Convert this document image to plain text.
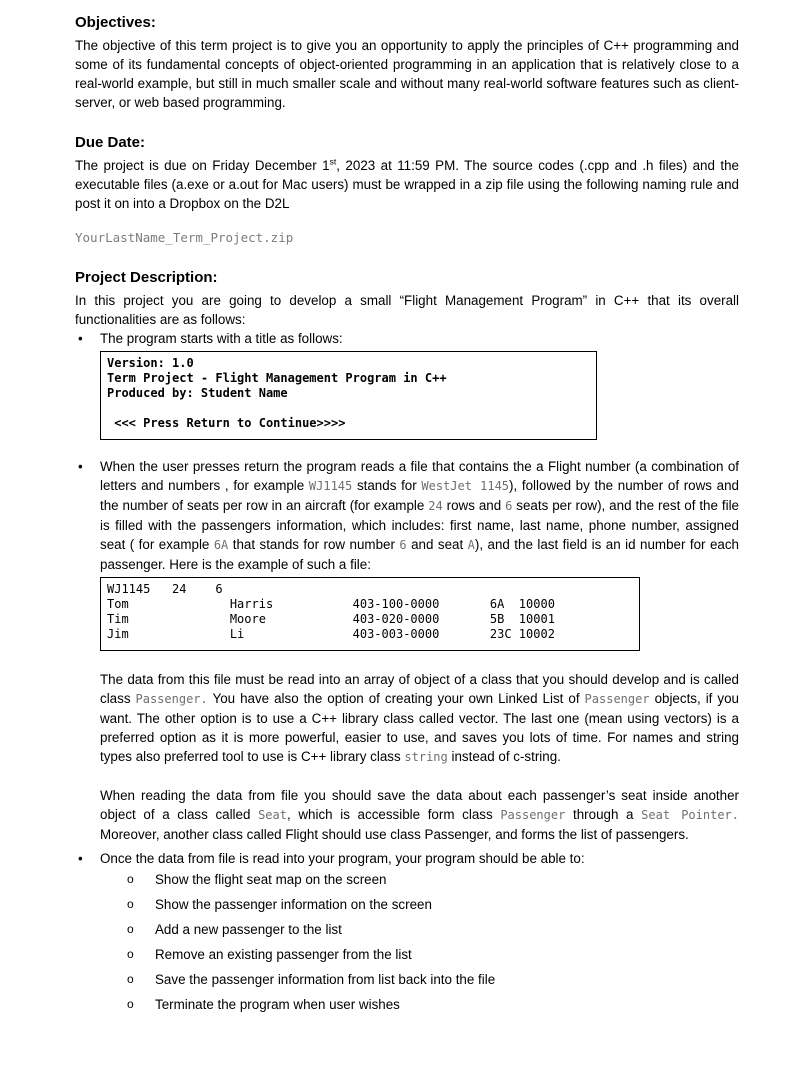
Objectives:

The objective of this term project is to give you an opportunity to apply the principles of C++ programming and some of its fundamental concepts of object-oriented programming in an application that is relatively close to a real-world example, but still in much smaller scale and without many real-world software features such as client-server, or web based programming.

Due Date:

The project is due on Friday December 1st, 2023 at 11:59 PM. The source codes (.cpp and .h files) and the executable files (a.exe or a.out for Mac users) must be wrapped in a zip file using the following naming rule and post it on into a Dropbox on the D2L

YourLastName_Term_Project.zip

Project Description:

In this project you are going to develop a small “Flight Management Program” in C++ that its overall functionalities are as follows:

•	The program starts with a title as follows:

Version: 1.0
Term Project - Flight Management Program in C++
Produced by: Student Name
<<< Press Return to Continue>>>>
•	When the user presses return the program reads a file that contains the a Flight number (a combination of letters and numbers , for example WJ1145 stands for WestJet 1145), followed by the number of rows and the number of seats per row in an aircraft (for example 24 rows and 6 seats per row), and the rest of the file is filled with the passengers information, which includes: first name, last name, phone number, assigned seat ( for example 6A that stands for row number 6 and seat A), and the last field is an id number for each passenger. Here is the example of such a file:

WJ1145   24    6
Tom              Harris           403-100-0000       6A  10000
Tim              Moore            403-020-0000       5B  10001
Jim              Li               403-003-0000       23C 10002

The data from this file must be read into an array of object of a class that you should develop and is called class Passenger. You have also the option of creating your own Linked List of Passenger objects, if you want. The other option is to use a C++ library class called vector. The last one (mean using vectors) is a preferred option as it is more powerful, easier to use, and saves you lots of time. For names and string types also preferred tool to use is C++ library class string instead of c-string.

When reading the data from file you should save the data about each passenger’s seat inside another object of a class called Seat, which is accessible form class Passenger through a Seat Pointer. Moreover, another class called Flight should use class Passenger, and forms the list of passengers.

•	Once the data from file is read into your program, your program should be able to:

o	Show the flight seat map on the screen
o	Show the passenger information on the screen
o	Add a new passenger to the list
o	Remove an existing passenger from the list
o	Save the passenger information from list back into the file
o	Terminate the program when user wishes
